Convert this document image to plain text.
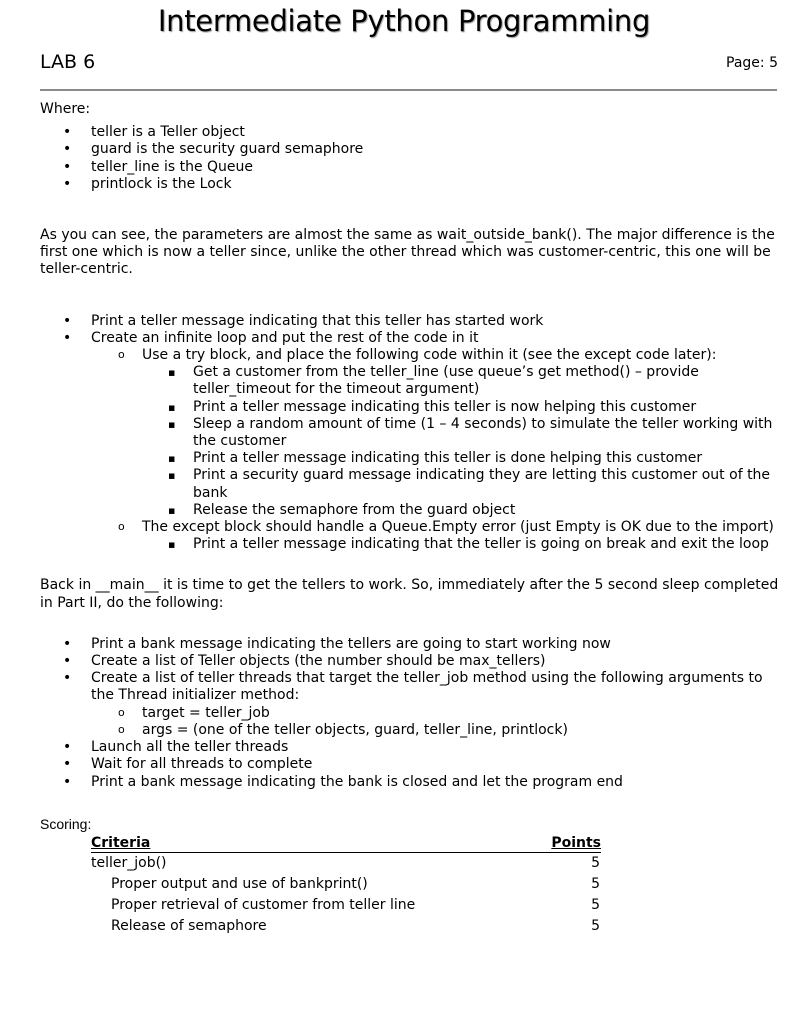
Intermediate Python Programming
LAB 6	Page: 5

Where:

• teller is a Teller object
• guard is the security guard semaphore
• teller_line is the Queue
• printlock is the Lock

As you can see, the parameters are almost the same as wait_outside_bank(). The major difference is the first one which is now a teller since, unlike the other thread which was customer-centric, this one will be teller-centric.

• Print a teller message indicating that this teller has started work
• Create an infinite loop and put the rest of the code in it
o Use a try block, and place the following code within it (see the except code later):
▪ Get a customer from the teller_line (use queue’s get method() – provide teller_timeout for the timeout argument)
▪ Print a teller message indicating this teller is now helping this customer
▪ Sleep a random amount of time (1 – 4 seconds) to simulate the teller working with the customer
▪ Print a teller message indicating this teller is done helping this customer
▪ Print a security guard message indicating they are letting this customer out of the bank
▪ Release the semaphore from the guard object
o The except block should handle a Queue.Empty error (just Empty is OK due to the import)
▪ Print a teller message indicating that the teller is going on break and exit the loop

Back in __main__ it is time to get the tellers to work. So, immediately after the 5 second sleep completed in Part II, do the following:

• Print a bank message indicating the tellers are going to start working now
• Create a list of Teller objects (the number should be max_tellers)
• Create a list of teller threads that target the teller_job method using the following arguments to the Thread initializer method:
o target = teller_job
o args = (one of the teller objects, guard, teller_line, printlock)
• Launch all the teller threads
• Wait for all threads to complete
• Print a bank message indicating the bank is closed and let the program end

Scoring:

Criteria	Points
teller_job()	5
Proper output and use of bankprint()	5
Proper retrieval of customer from teller line	5
Release of semaphore	5
